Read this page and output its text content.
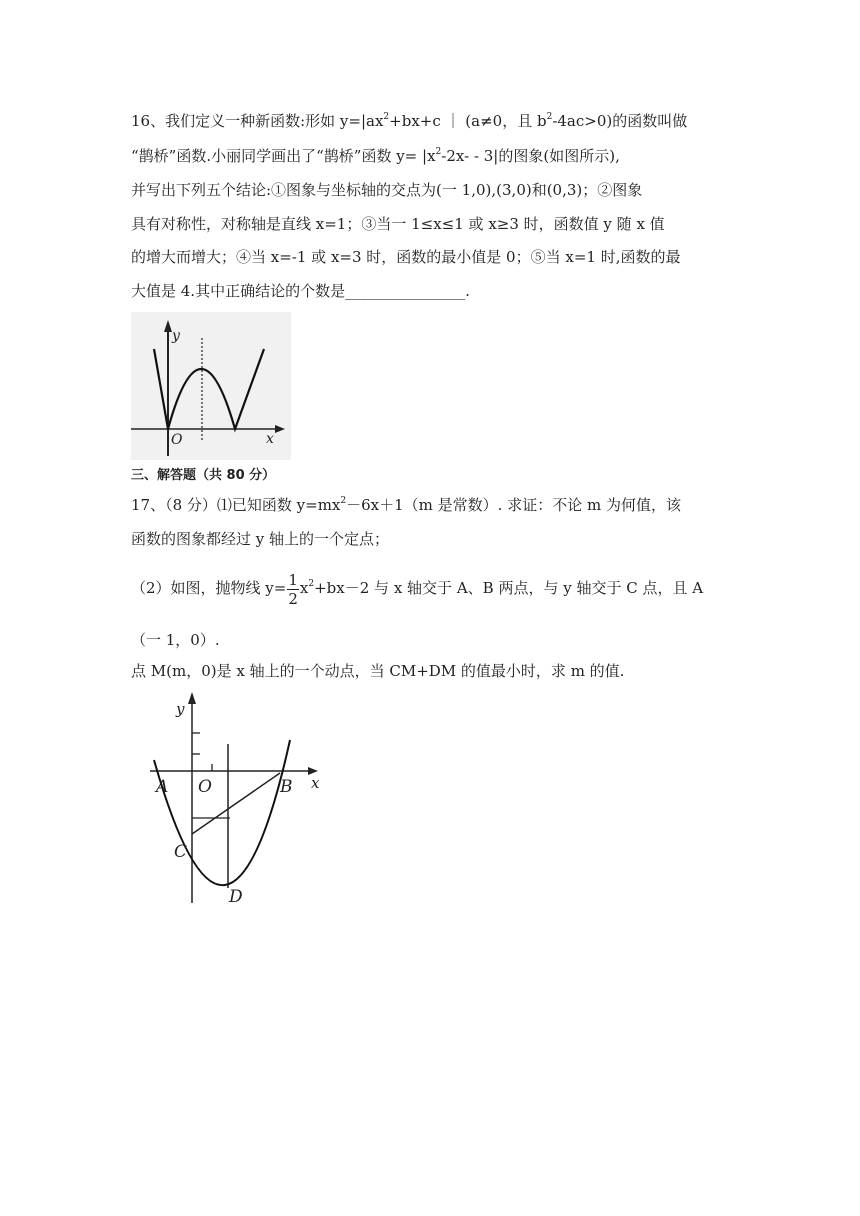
16、我们定义一种新函数:形如 $y=|ax^2+bx+c$ ｜ (a≠0，且 $b^2-4ac>0$)的函数叫做
“鹊桥”函数.小丽同学画出了“鹊桥”函数 $y= |x^2-2x- - 3|$的图象(如图所示),
并写出下列五个结论:①图象与坐标轴的交点为(一 1,0),(3,0)和(0,3)；②图象
具有对称性，对称轴是直线 x=1；③当一 1≤x≤1 或 x≥3 时，函数值 y 随 x 值
的增大而增大；④当 x=-1 或 x=3 时，函数的最小值是 0；⑤当 x=1 时,函数的最
大值是 4.其中正确结论的个数是________________.
y
O	x
三、解答题（共 80 分）
17、（8 分）⑴已知函数 $y=mx^2-6x+1(m$ 是常数）. 求证：不论 m 为何值，该
函数的图象都经过 y 轴上的一个定点；
（2）如图，抛物线 $y= \frac{1}{2} x^2+bx-2$ 与 x 轴交于 A、B 两点，与 y 轴交于 C 点，且 A
（一 1，0）.
点 M(m，0)是 x 轴上的一个动点，当 CM+DM 的值最小时，求 m 的值.
A O	B x
y
C
D
